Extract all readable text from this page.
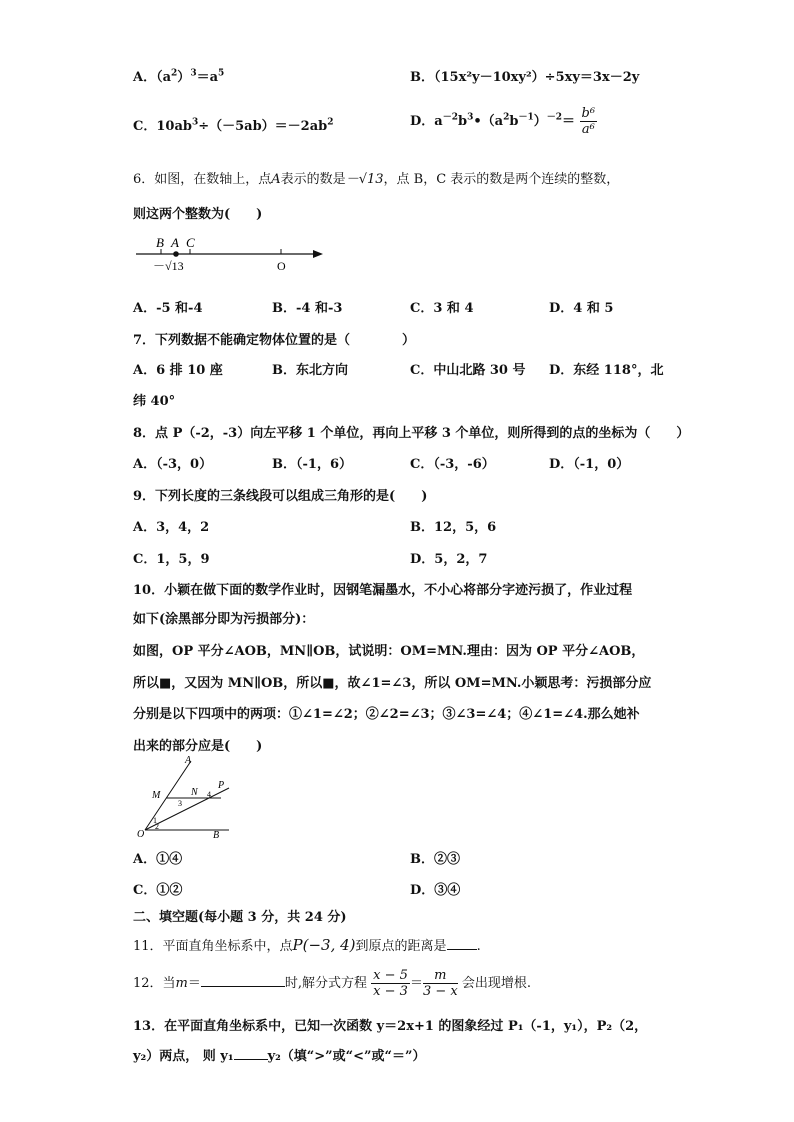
A．$(a^2)^3=a^5$	B．（15x²y－10xy²）÷5xy＝3x－2y
C．$10ab^3\div(-5ab)=-2ab^2$	D．$a^{-2}b^3•(a^2b^{-1})^{-2}= \frac{\text{b⁶}}{\text{a⁶}}$
6．如图，在数轴上，点A表示的数是－√13，点 B，C 表示的数是两个连续的整数，
则这两个整数为(　　)
B A C
－√13	O
A．-5 和-4	B．-4 和-3	C．3 和 4	D．4 和 5
7．下列数据不能确定物体位置的是（　　　　）
A．6 排 10 座	B．东北方向	C．中山北路 30 号 D．东经 118°，北
纬 40°
8．点 P（-2，-3）向左平移 1 个单位，再向上平移 3 个单位，则所得到的点的坐标为（　　）
A．（-3，0）	B．（-1，6）	C．（-3，-6）	D．（-1，0）
9．下列长度的三条线段可以组成三角形的是(　　)
A．3，4，2	B．12，5，6
C．1，5，9	D．5，2，7
10．小颖在做下面的数学作业时，因钢笔漏墨水，不小心将部分字迹污损了，作业过程
如下(涂黑部分即为污损部分)：
如图，OP 平分∠AOB，MN∥OB，试说明：OM=MN.理由：因为 OP 平分∠AOB，
所以■，又因为 MN∥OB，所以■，故∠1=∠3，所以 OM=MN.小颖思考：污损部分应
分别是以下四项中的两项：①∠1=∠2；②∠2=∠3；③∠3=∠4；④∠1=∠4.那么她补
出来的部分应是(　　)
A
M	N
P
O	B
1
2
3
4
A．①④	B．②③
C．①②	D．③④
二、填空题(每小题 3 分，共 24 分)
11．平面直角坐标系中，点P(−3, 4)到原点的距离是 .
12．当m＝	时,解分式方程 $\frac{x - 5}{x - 3} = \frac{m}{3 - x}$ 会出现增根.
13．在平面直角坐标系中，已知一次函数 y＝2x+1 的图象经过 P₁（-1，y₁），P₂（2，
y₂）两点， 则 y₁	y₂（填“>”或“<”或“＝”）
